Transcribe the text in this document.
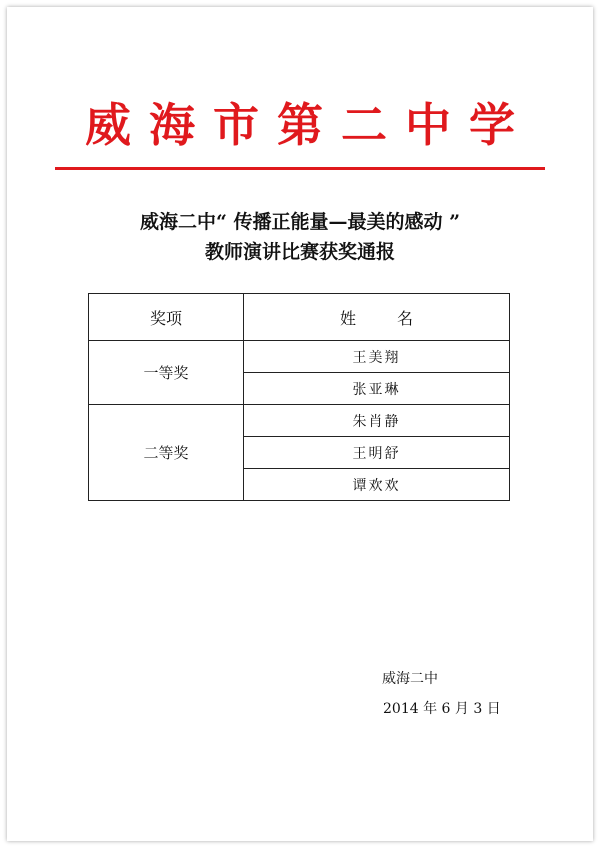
威海市第二中学
威海二中“ 传播正能量—最美的感动 ”
教师演讲比赛获奖通报
奖项	姓 名
一等奖	王美翔
	张亚琳
二等奖	朱肖静
	王明舒
	谭欢欢
威海二中
2014 年 6 月 3 日
